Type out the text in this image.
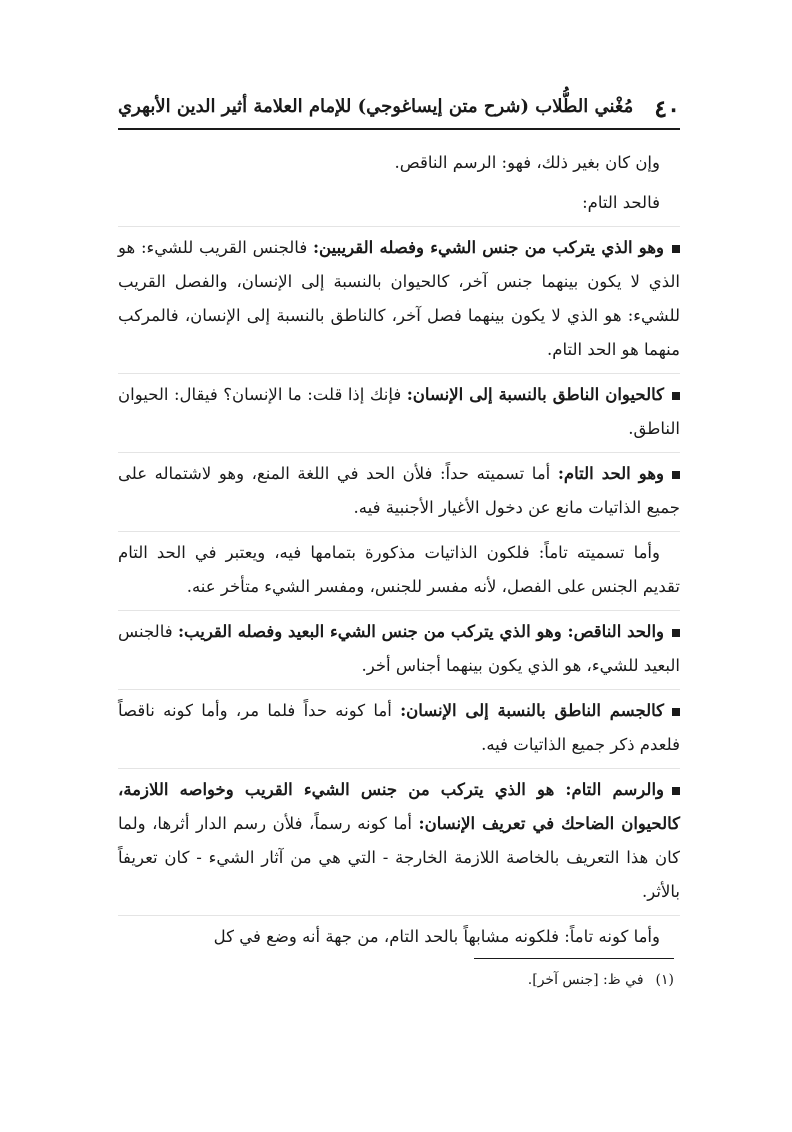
٤٠
مُغْني الطُّلاب (شرح متن إيساغوجي) للإمام العلامة أثير الدين الأبهري

وإن كان بغير ذلك، فهو: الرسم الناقص.

فالحد التام:

وهو الذي يتركب من جنس الشيء وفصله القريبين: فالجنس القريب للشيء: هو الذي لا يكون بينهما جنس آخر، كالحيوان بالنسبة إلى الإنسان، والفصل القريب للشيء: هو الذي لا يكون بينهما فصل آخر، كالناطق بالنسبة إلى الإنسان، فالمركب منهما هو الحد التام.

كالحيوان الناطق بالنسبة إلى الإنسان: فإنك إذا قلت: ما الإنسان؟ فيقال: الحيوان الناطق.

وهو الحد التام: أما تسميته حداً: فلأن الحد في اللغة المنع، وهو لاشتماله على جميع الذاتيات مانع عن دخول الأغيار الأجنبية فيه.

وأما تسميته تاماً: فلكون الذاتيات مذكورة بتمامها فيه، ويعتبر في الحد التام تقديم الجنس على الفصل، لأنه مفسر للجنس، ومفسر الشيء متأخر عنه.

والحد الناقص: وهو الذي يتركب من جنس الشيء البعيد وفصله القريب: فالجنس البعيد للشيء، هو الذي يكون بينهما أجناس أخر.

كالجسم الناطق بالنسبة إلى الإنسان: أما كونه حداً فلما مر، وأما كونه ناقصاً فلعدم ذكر جميع الذاتيات فيه.

والرسم التام: هو الذي يتركب من جنس الشيء القريب وخواصه اللازمة، كالحيوان الضاحك في تعريف الإنسان: أما كونه رسماً، فلأن رسم الدار أثرها، ولما كان هذا التعريف بالخاصة اللازمة الخارجة - التي هي من آثار الشيء - كان تعريفاً بالأثر.

وأما كونه تاماً: فلكونه مشابهاً بالحد التام، من جهة أنه وضع في كل

(١)في ظ: [جنس آخر].
